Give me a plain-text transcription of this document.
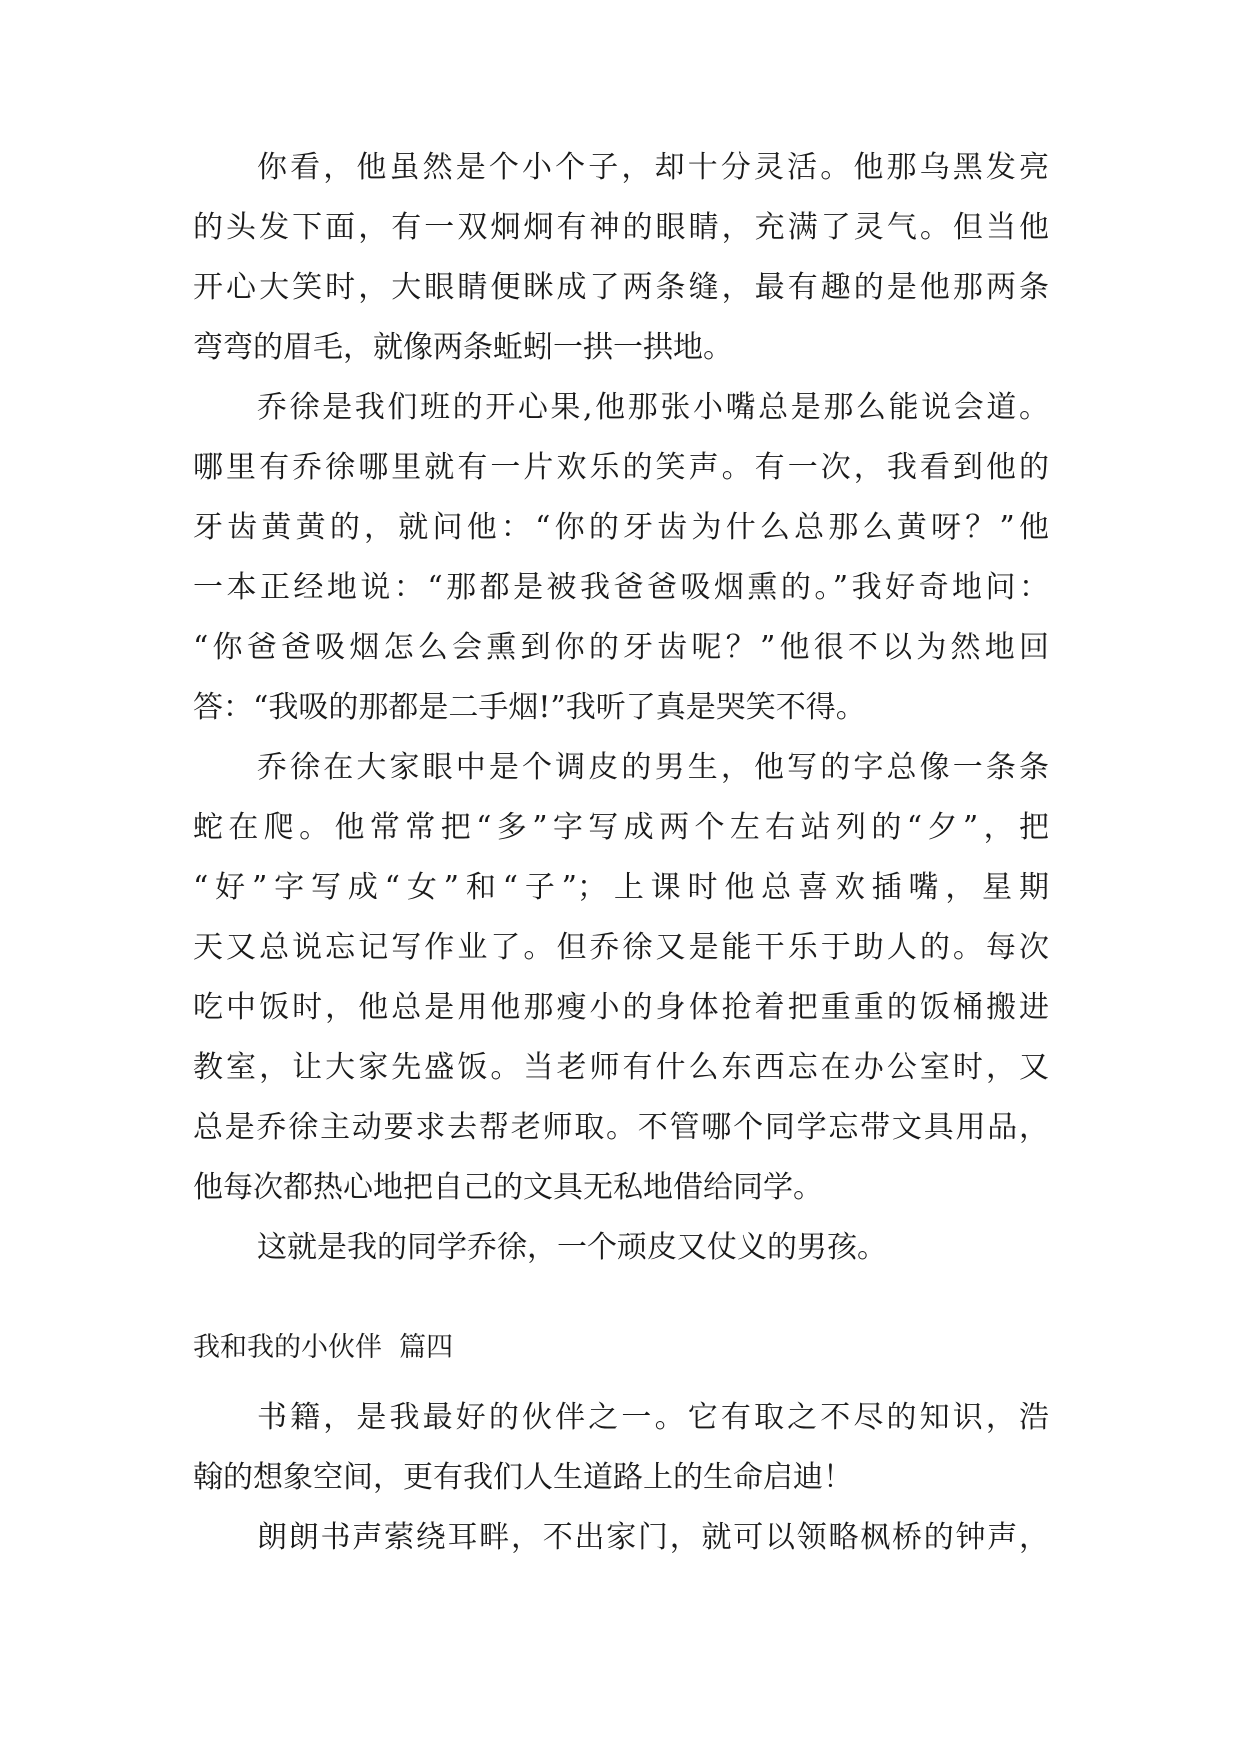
你看，他虽然是个小个子，却十分灵活。他那乌黑发亮
的头发下面，有一双炯炯有神的眼睛，充满了灵气。但当他
开心大笑时，大眼睛便眯成了两条缝，最有趣的是他那两条
弯弯的眉毛，就像两条蚯蚓一拱一拱地。
乔徐是我们班的开心果,他那张小嘴总是那么能说会道。
哪里有乔徐哪里就有一片欢乐的笑声。有一次，我看到他的
牙齿黄黄的，就问他：“你的牙齿为什么总那么黄呀？”他
一本正经地说：“那都是被我爸爸吸烟熏的。”我好奇地问：
“你爸爸吸烟怎么会熏到你的牙齿呢？”他很不以为然地回
答：“我吸的那都是二手烟!”我听了真是哭笑不得。
乔徐在大家眼中是个调皮的男生，他写的字总像一条条
蛇在爬。他常常把“多”字写成两个左右站列的“夕”，把
“好”字写成“女”和“子”；上课时他总喜欢插嘴，星期
天又总说忘记写作业了。但乔徐又是能干乐于助人的。每次
吃中饭时，他总是用他那瘦小的身体抢着把重重的饭桶搬进
教室，让大家先盛饭。当老师有什么东西忘在办公室时，又
总是乔徐主动要求去帮老师取。不管哪个同学忘带文具用品，
他每次都热心地把自己的文具无私地借给同学。
这就是我的同学乔徐，一个顽皮又仗义的男孩。
我和我的小伙伴  篇四
书籍，是我最好的伙伴之一。它有取之不尽的知识，浩
翰的想象空间，更有我们人生道路上的生命启迪！
朗朗书声萦绕耳畔，不出家门，就可以领略枫桥的钟声，
